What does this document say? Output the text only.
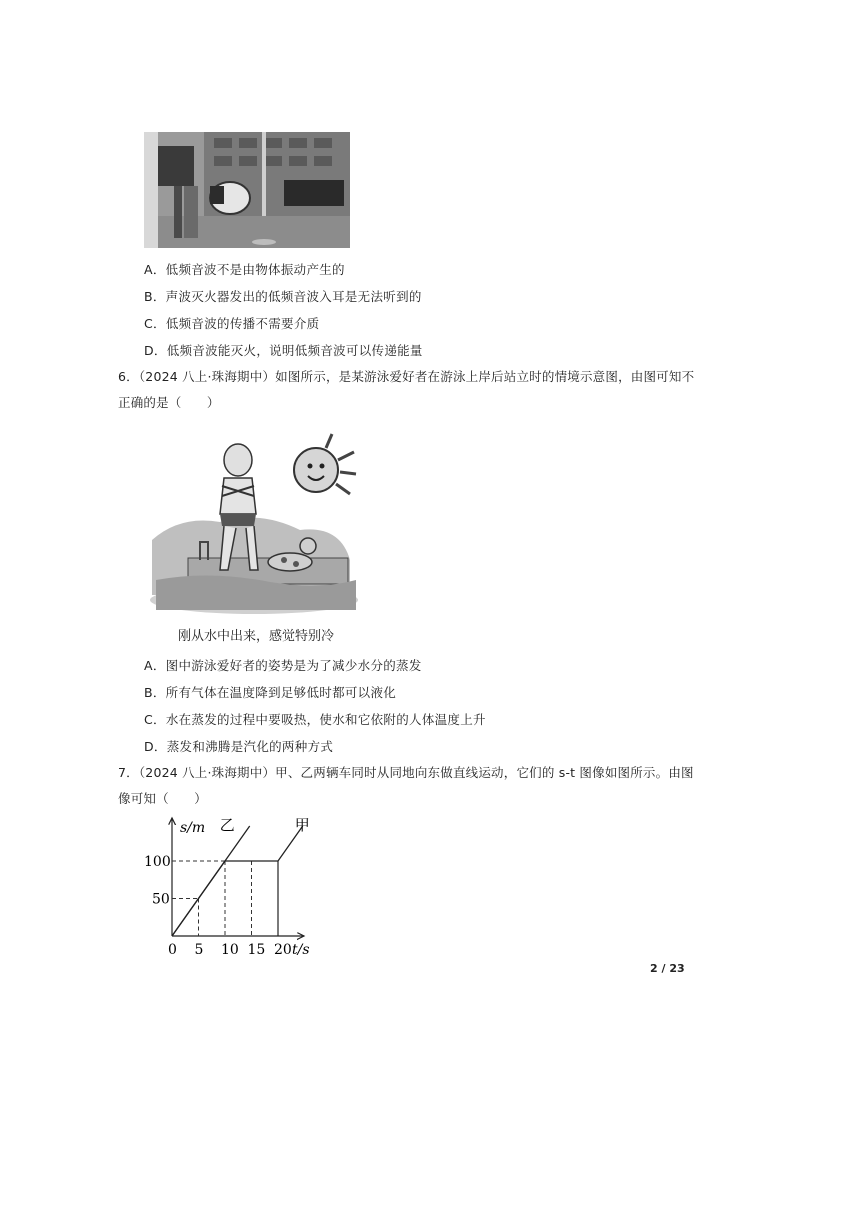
A．低频音波不是由物体振动产生的
B．声波灭火器发出的低频音波入耳是无法听到的
C．低频音波的传播不需要介质
D．低频音波能灭火，说明低频音波可以传递能量
6．（2024 八上·珠海期中）如图所示，是某游泳爱好者在游泳上岸后站立时的情境示意图，由图可知不
正确的是（　　）
刚从水中出来，感觉特别冷
A．图中游泳爱好者的姿势是为了减少水分的蒸发
B．所有气体在温度降到足够低时都可以液化
C．水在蒸发的过程中要吸热，使水和它依附的人体温度上升
D．蒸发和沸腾是汽化的两种方式
7．（2024 八上·珠海期中）甲、乙两辆车同时从同地向东做直线运动，它们的 s-t 图像如图所示。由图
像可知（　　）
0 5 10 15 20
50
100
s/m
t/s
甲
乙
2 / 23
